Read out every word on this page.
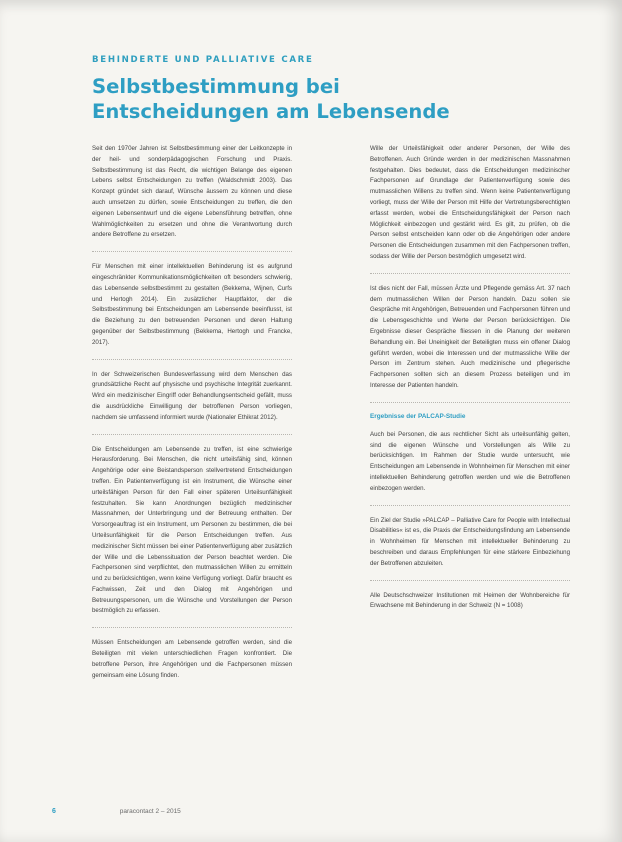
BEHINDERTE UND PALLIATIVE CARE
Selbstbestimmung bei Entscheidungen am Lebensende

Seit den 1970er Jahren ist Selbstbestimmung einer der Leitkonzepte in der heil- und sonderpädagogischen Forschung und Praxis. Selbstbestimmung ist das Recht, die wichtigen Belange des eigenen Lebens selbst Entscheidungen zu treffen (Waldschmidt 2003). Das Konzept gründet sich darauf, Wünsche äussern zu können und diese auch umsetzen zu dürfen, sowie Entscheidungen zu treffen, die den eigenen Lebensentwurf und die eigene Lebensführung betreffen, ohne Wahlmöglichkeiten zu ersetzen und ohne die Verantwortung durch andere Betroffene zu ersetzen.

Für Menschen mit einer intellektuellen Behinderung ist es aufgrund eingeschränkter Kommunikationsmöglichkeiten oft besonders schwierig, das Lebensende selbstbestimmt zu gestalten (Bekkema, Wijnen, Curfs und Hertogh 2014). Ein zusätzlicher Hauptfaktor, der die Selbstbestimmung bei Entscheidungen am Lebensende beeinflusst, ist die Beziehung zu den betreuenden Personen und deren Haltung gegenüber der Selbstbestimmung (Bekkema, Hertogh und Francke, 2017).

In der Schweizerischen Bundesverfassung wird dem Menschen das grundsätzliche Recht auf physische und psychische Integrität zuerkannt. Wird ein medizinischer Eingriff oder Behandlungsentscheid gefällt, muss die ausdrückliche Einwilligung der betroffenen Person vorliegen, nachdem sie umfassend informiert wurde (Nationaler Ethikrat 2012).

Die Entscheidungen am Lebensende zu treffen, ist eine schwierige Herausforderung. Bei Menschen, die nicht urteilsfähig sind, können Angehörige oder eine Beistandsperson stellvertretend Entscheidungen treffen. Ein Patientenverfügung ist ein Instrument, die Wünsche einer urteilsfähigen Person für den Fall einer späteren Urteilsunfähigkeit festzuhalten. Sie kann Anordnungen bezüglich medizinischer Massnahmen, der Unterbringung und der Betreuung enthalten. Der Vorsorgeauftrag ist ein Instrument, um Personen zu bestimmen, die bei Urteilsunfähigkeit für die Person Entscheidungen treffen. Aus medizinischer Sicht müssen bei einer Patientenverfügung aber zusätzlich der Wille und die Lebenssituation der Person beachtet werden. Die Fachpersonen sind verpflichtet, den mutmasslichen Willen zu ermitteln und zu berücksichtigen, wenn keine Verfügung vorliegt. Dafür braucht es Fachwissen, Zeit und den Dialog mit Angehörigen und Betreuungspersonen, um die Wünsche und Vorstellungen der Person bestmöglich zu erfassen.

Müssen Entscheidungen am Lebensende getroffen werden, sind die Beteiligten mit vielen unterschiedlichen Fragen konfrontiert. Die betroffene Person, ihre Angehörigen und die Fachpersonen müssen gemeinsam eine Lösung finden.

Wille der Urteilsfähigkeit oder anderer Personen, der Wille des Betroffenen. Auch Gründe werden in der medizinischen Massnahmen festgehalten. Dies bedeutet, dass die Entscheidungen medizinischer Fachpersonen auf Grundlage der Patientenverfügung sowie des mutmasslichen Willens zu treffen sind. Wenn keine Patientenverfügung vorliegt, muss der Wille der Person mit Hilfe der Vertretungsberechtigten erfasst werden, wobei die Entscheidungsfähigkeit der Person nach Möglichkeit einbezogen und gestärkt wird. Es gilt, zu prüfen, ob die Person selbst entscheiden kann oder ob die Angehörigen oder andere Personen die Entscheidungen zusammen mit den Fachpersonen treffen, sodass der Wille der Person bestmöglich umgesetzt wird.

Ist dies nicht der Fall, müssen Ärzte und Pflegende gemäss Art. 37 nach dem mutmasslichen Willen der Person handeln. Dazu sollen sie Gespräche mit Angehörigen, Betreuenden und Fachpersonen führen und die Lebensgeschichte und Werte der Person berücksichtigen. Die Ergebnisse dieser Gespräche fliessen in die Planung der weiteren Behandlung ein. Bei Uneinigkeit der Beteiligten muss ein offener Dialog geführt werden, wobei die Interessen und der mutmassliche Wille der Person im Zentrum stehen. Auch medizinische und pflegerische Fachpersonen sollten sich an diesem Prozess beteiligen und im Interesse der Patienten handeln.

Ergebnisse der PALCAP-Studie

Auch bei Personen, die aus rechtlicher Sicht als urteilsunfähig gelten, sind die eigenen Wünsche und Vorstellungen als Wille zu berücksichtigen. Im Rahmen der Studie wurde untersucht, wie Entscheidungen am Lebensende in Wohnheimen für Menschen mit einer intellektuellen Behinderung getroffen werden und wie die Betroffenen einbezogen werden.

Ein Ziel der Studie »PALCAP – Palliative Care for People with Intellectual Disabilities« ist es, die Praxis der Entscheidungsfindung am Lebensende in Wohnheimen für Menschen mit intellektueller Behinderung zu beschreiben und daraus Empfehlungen für eine stärkere Einbeziehung der Betroffenen abzuleiten.

Alle Deutschschweizer Institutionen mit Heimen der Wohnbereiche für Erwachsene mit Behinderung in der Schweiz (N = 1008)

6	paracontact 2 – 2015
